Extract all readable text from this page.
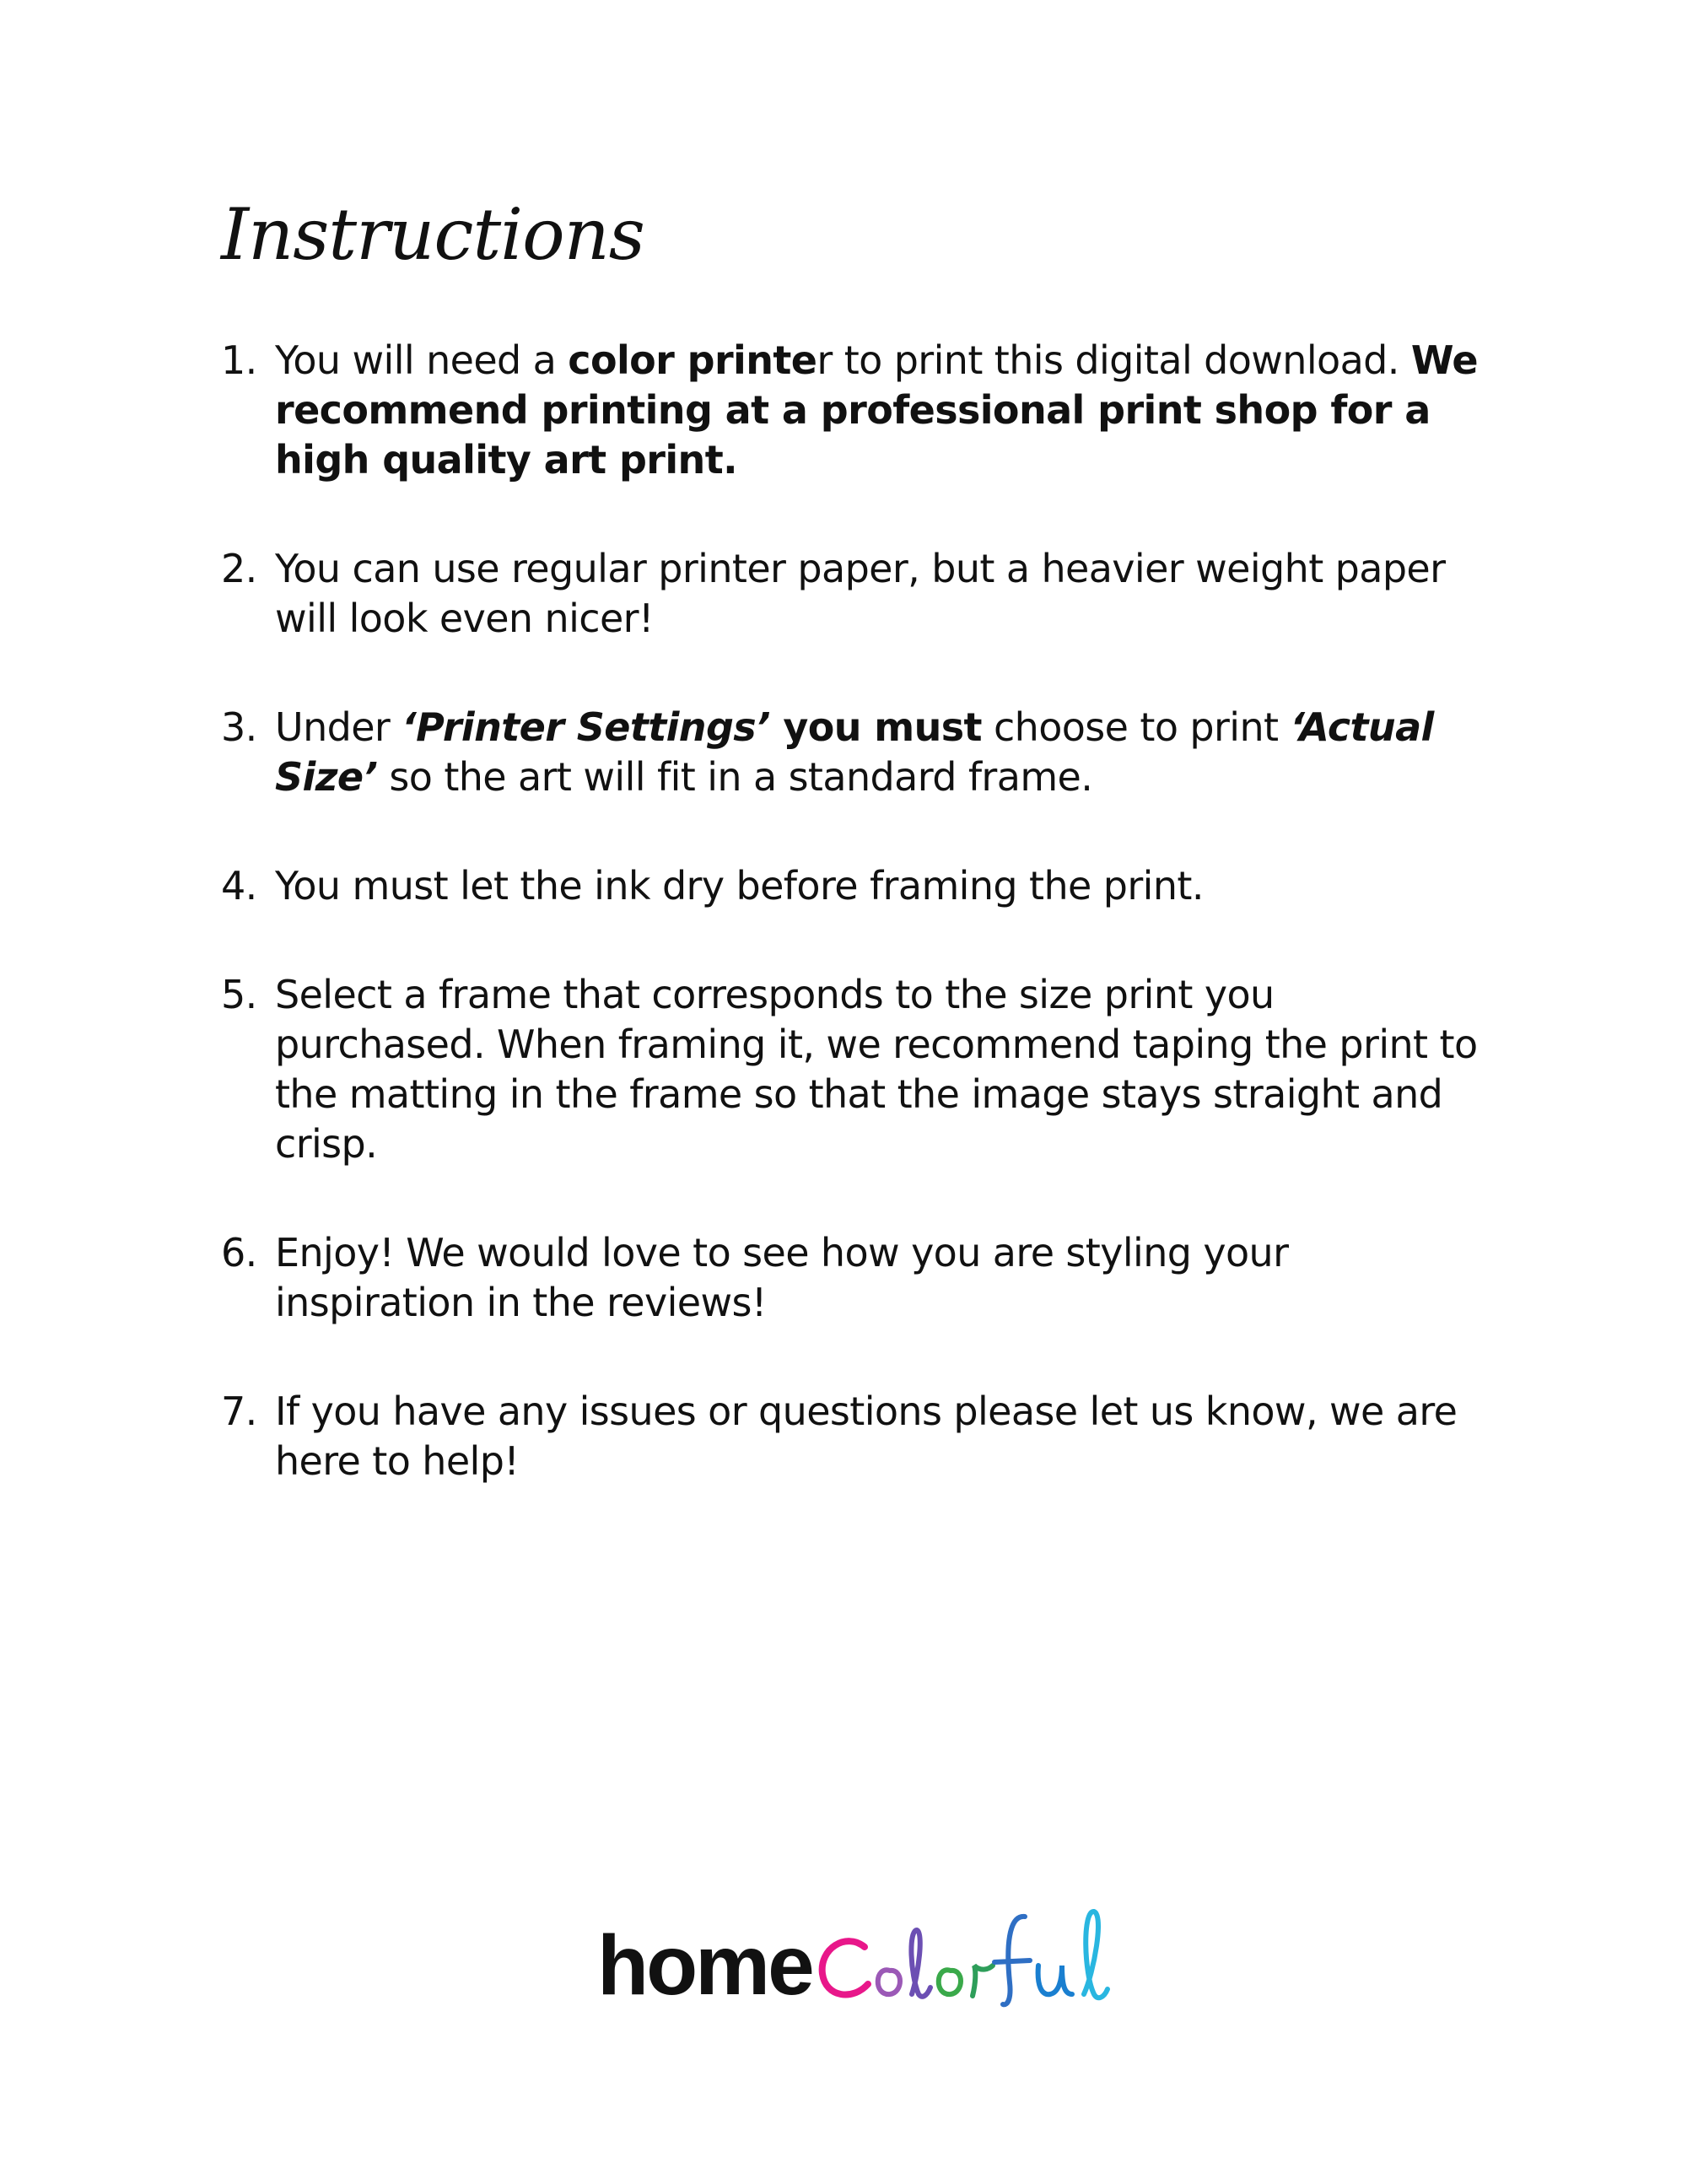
Instructions
1. You will need a color printer to print this digital download. We recommend printing at a professional print shop for a high quality art print.
2. You can use regular printer paper, but a heavier weight paper will look even nicer!
3. Under ‘Printer Settings’ you must choose to print ‘Actual Size’ so the art will fit in a standard frame.
4. You must let the ink dry before framing the print.
5. Select a frame that corresponds to the size print you purchased. When framing it, we recommend taping the print to the matting in the frame so that the image stays straight and crisp.
6. Enjoy! We would love to see how you are styling your inspiration in the reviews!
7. If you have any issues or questions please let us know, we are here to help!
home
